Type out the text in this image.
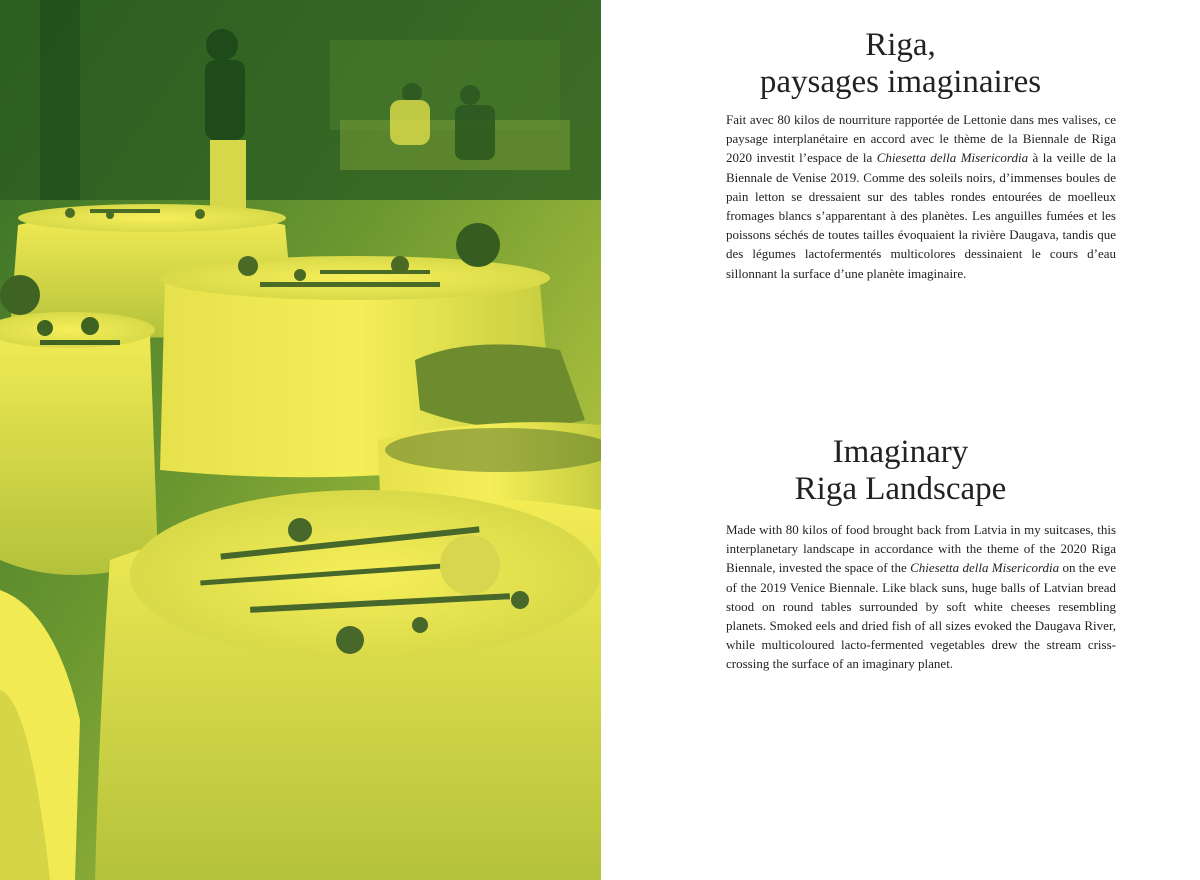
Riga,
paysages imaginaires

Fait avec 80 kilos de nourriture rapportée de Lettonie dans mes valises, ce paysage interplanétaire en accord avec le thème de la Biennale de Riga 2020 investit l’espace de la Chiesetta della Misericordia à la veille de la Biennale de Venise 2019. Comme des soleils noirs, d’immenses boules de pain letton se dressaient sur des tables rondes entourées de moelleux fromages blancs s’apparentant à des planètes. Les anguilles fumées et les poissons séchés de toutes tailles évoquaient la rivière Daugava, tandis que des légumes lactofermentés multicolores dessinaient le cours d’eau sillonnant la surface d’une planète imaginaire.

Imaginary
Riga Landscape

Made with 80 kilos of food brought back from Latvia in my suitcases, this interplanetary landscape in accordance with the theme of the 2020 Riga Biennale, invested the space of the Chiesetta della Misericordia on the eve of the 2019 Venice Biennale. Like black suns, huge balls of Latvian bread stood on round tables surrounded by soft white cheeses resembling planets. Smoked eels and dried fish of all sizes evoked the Daugava River, while multicoloured lacto-fermented vegetables drew the stream criss-crossing the surface of an imaginary planet.
